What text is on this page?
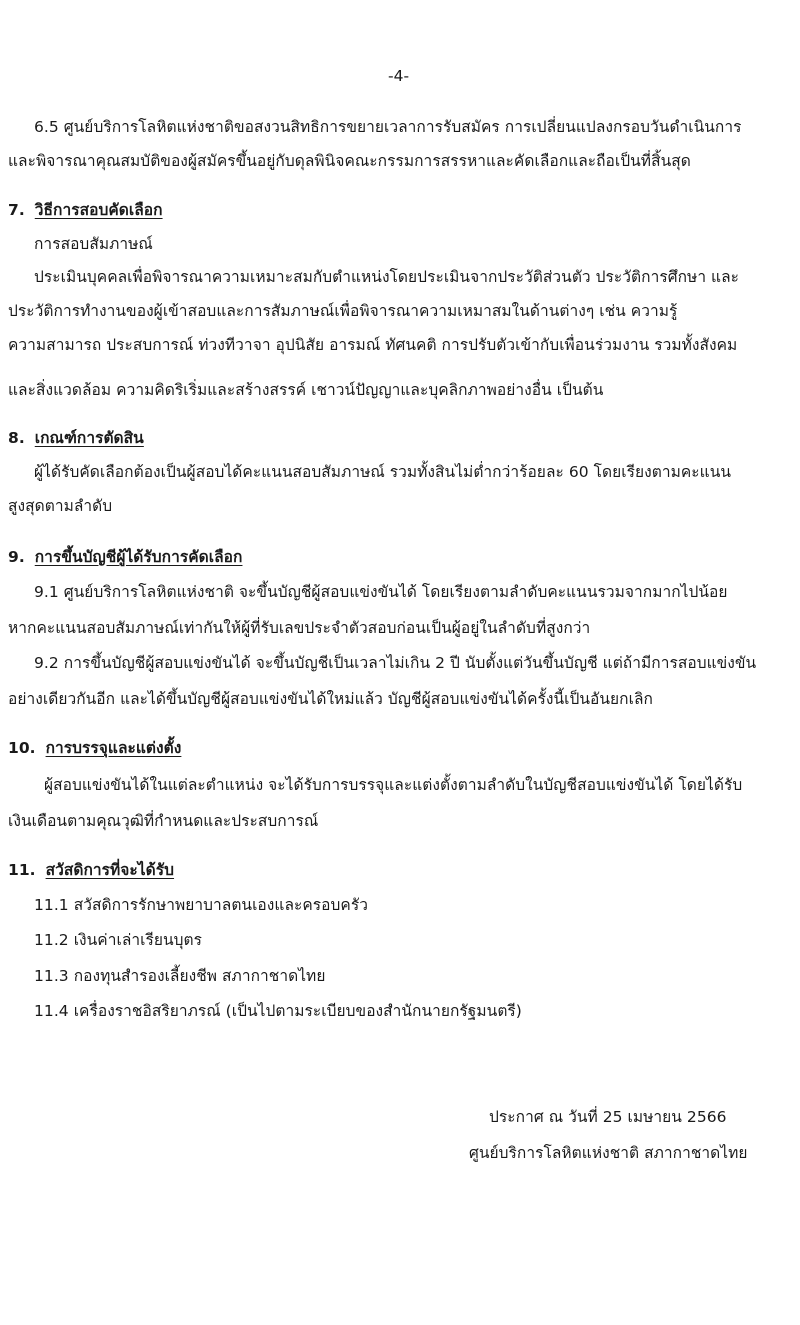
-4-
6.5 ศูนย์บริการโลหิตแห่งชาติขอสงวนสิทธิการขยายเวลาการรับสมัคร การเปลี่ยนแปลงกรอบวันดำเนินการ
และพิจารณาคุณสมบัติของผู้สมัครขึ้นอยู่กับดุลพินิจคณะกรรมการสรรหาและคัดเลือกและถือเป็นที่สิ้นสุด
7. วิธีการสอบคัดเลือก
การสอบสัมภาษณ์
ประเมินบุคคลเพื่อพิจารณาความเหมาะสมกับตำแหน่งโดยประเมินจากประวัติส่วนตัว ประวัติการศึกษา และ
ประวัติการทำงานของผู้เข้าสอบและการสัมภาษณ์เพื่อพิจารณาความเหมาสมในด้านต่างๆ เช่น ความรู้
ความสามารถ ประสบการณ์ ท่วงทีวาจา อุปนิสัย อารมณ์ ทัศนคติ การปรับตัวเข้ากับเพื่อนร่วมงาน รวมทั้งสังคม
และสิ่งแวดล้อม ความคิดริเริ่มและสร้างสรรค์ เชาวน์ปัญญาและบุคลิกภาพอย่างอื่น เป็นต้น
8. เกณฑ์การตัดสิน
ผู้ได้รับคัดเลือกต้องเป็นผู้สอบได้คะแนนสอบสัมภาษณ์ รวมทั้งสินไม่ต่ำกว่าร้อยละ 60 โดยเรียงตามคะแนน
สูงสุดตามลำดับ
9. การขึ้นบัญชีผู้ได้รับการคัดเลือก
9.1 ศูนย์บริการโลหิตแห่งชาติ จะขึ้นบัญชีผู้สอบแข่งขันได้ โดยเรียงตามลำดับคะแนนรวมจากมากไปน้อย
หากคะแนนสอบสัมภาษณ์เท่ากันให้ผู้ที่รับเลขประจำตัวสอบก่อนเป็นผู้อยู่ในลำดับที่สูงกว่า
9.2 การขึ้นบัญชีผู้สอบแข่งขันได้ จะขึ้นบัญชีเป็นเวลาไม่เกิน 2 ปี นับตั้งแต่วันขึ้นบัญชี แต่ถ้ามีการสอบแข่งขัน
อย่างเดียวกันอีก และได้ขึ้นบัญชีผู้สอบแข่งขันได้ใหม่แล้ว บัญชีผู้สอบแข่งขันได้ครั้งนี้เป็นอันยกเลิก
10. การบรรจุและแต่งตั้ง
ผู้สอบแข่งขันได้ในแต่ละตำแหน่ง จะได้รับการบรรจุและแต่งตั้งตามลำดับในบัญชีสอบแข่งขันได้ โดยได้รับ
เงินเดือนตามคุณวุฒิที่กำหนดและประสบการณ์
11. สวัสดิการที่จะได้รับ
11.1 สวัสดิการรักษาพยาบาลตนเองและครอบครัว
11.2 เงินค่าเล่าเรียนบุตร
11.3 กองทุนสำรองเลี้ยงชีพ สภากาชาดไทย
11.4 เครื่องราชอิสริยาภรณ์ (เป็นไปตามระเบียบของสำนักนายกรัฐมนตรี)
ประกาศ ณ วันที่ 25 เมษายน 2566
ศูนย์บริการโลหิตแห่งชาติ สภากาชาดไทย
